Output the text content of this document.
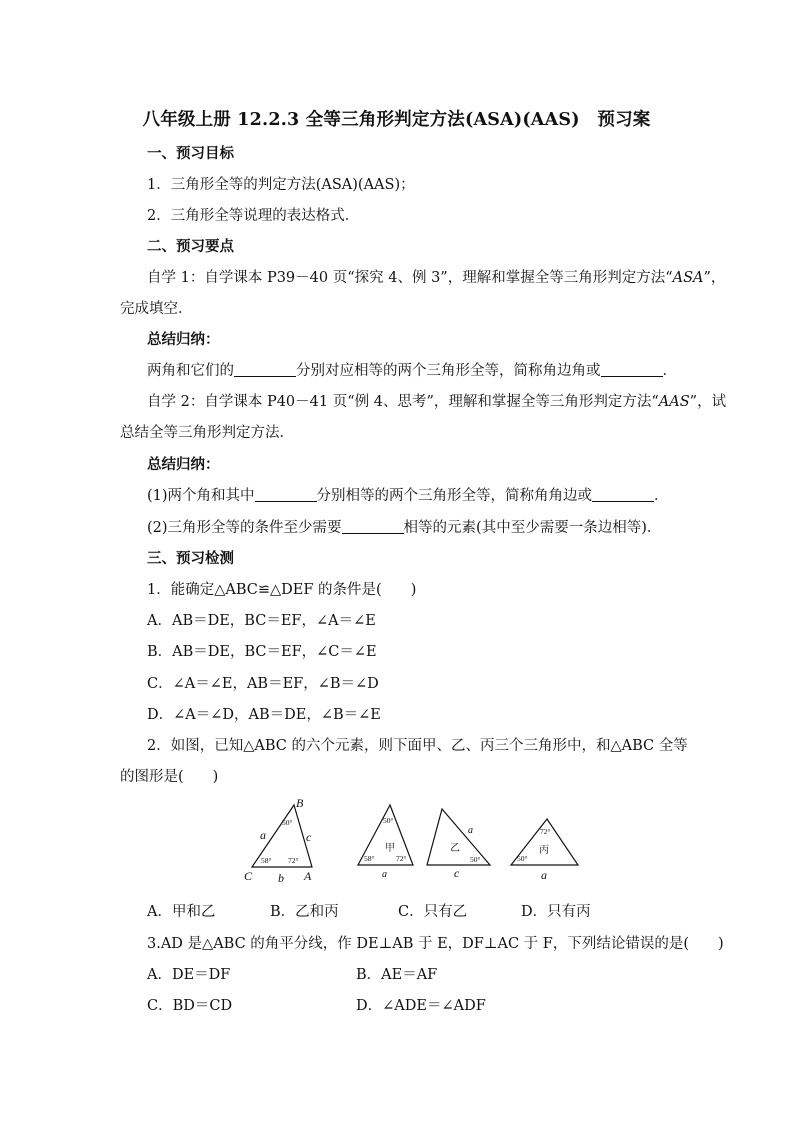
八年级上册 12.2.3 全等三角形判定方法(ASA)(AAS)　预习案
一、预习目标
1．三角形全等的判定方法(ASA)(AAS)；
2．三角形全等说理的表达格式．
二、预习要点
自学 1：自学课本 P39－40 页“探究 4、例 3”，理解和掌握全等三角形判定方法“ASA”，
完成填空．
总结归纳：
两角和它们的	分别对应相等的两个三角形全等，简称角边角或	．
自学 2：自学课本 P40－41 页“例 4、思考”，理解和掌握全等三角形判定方法“AAS”，试
总结全等三角形判定方法．
总结归纳：
(1)两个角和其中	分别相等的两个三角形全等，简称角角边或	．
(2)三角形全等的条件至少需要	相等的元素(其中至少需要一条边相等)．
三、预习检测
1．能确定△ABC≌△DEF 的条件是(　　)
A．AB＝DE，BC＝EF，∠A＝∠E
B．AB＝DE，BC＝EF，∠C＝∠E
C．∠A＝∠E，AB＝EF，∠B＝∠D
D．∠A＝∠D，AB＝DE，∠B＝∠E
2．如图，已知△ABC 的六个元素，则下面甲、乙、丙三个三角形中，和△ABC 全等
的图形是(　　)
B
C	A
a
b
c
50°
58° 72°
50°
58°	72°
甲
a
a
50°
乙
c
72°
50°
丙
a
A．甲和乙	B．乙和丙	C．只有乙	D．只有丙
3.AD 是△ABC 的角平分线，作 DE⊥AB 于 E，DF⊥AC 于 F，下列结论错误的是(　　)
A．DE＝DF	B．AE＝AF
C．BD＝CD	D．∠ADE＝∠ADF
